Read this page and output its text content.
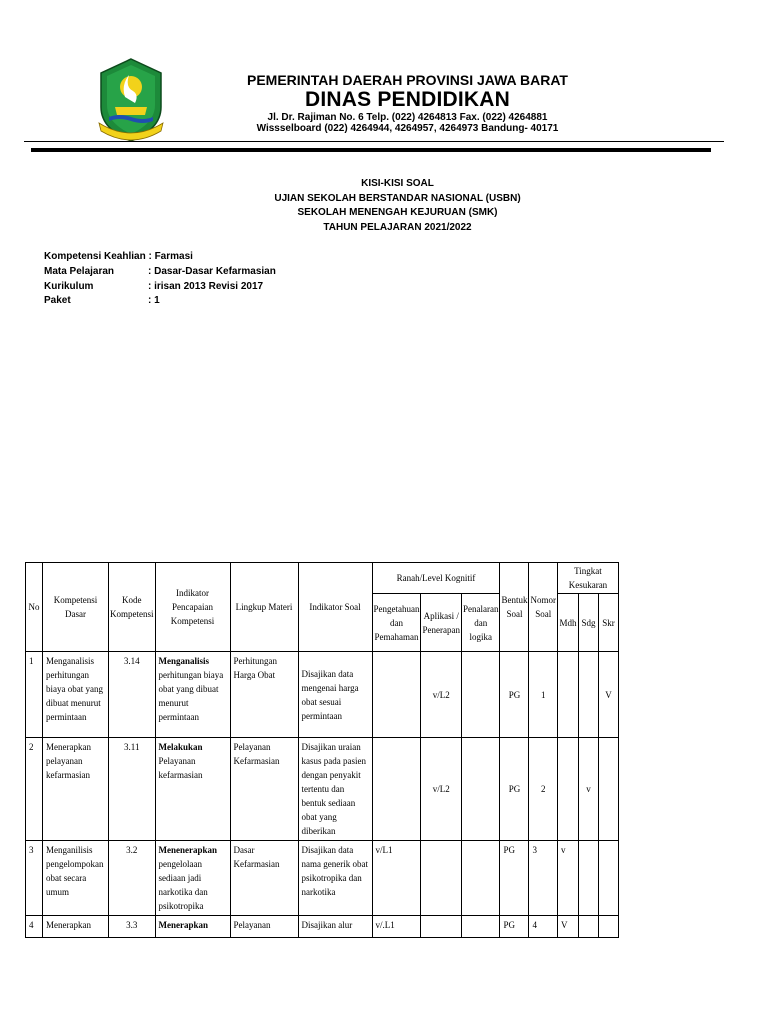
PEMERINTAH DAERAH PROVINSI JAWA BARAT
DINAS PENDIDIKAN
Jl. Dr. Rajiman No. 6 Telp. (022) 4264813 Fax. (022) 4264881
Wissselboard (022) 4264944, 4264957, 4264973 Bandung- 40171
KISI-KISI SOAL
UJIAN SEKOLAH BERSTANDAR NASIONAL (USBN)
SEKOLAH MENENGAH KEJURUAN (SMK)
TAHUN PELAJARAN 2021/2022
Kompetensi Keahlian : Farmasi
Mata Pelajaran	: Dasar-Dasar Kefarmasian
Kurikulum	: irisan 2013 Revisi 2017
Paket	: 1
No	Kompetensi Dasar	Kode Kompetensi	Indikator Pencapaian Kompetensi	Lingkup Materi	Indikator Soal	Ranah/Level Kognitif			Bentuk Soal	Nomor Soal	Tingkat Kesukaran		
						Pengetahuan dan Pemahaman	Aplikasi / Penerapan	Penalaran dan logika			Mdh	Sdg	Skr
1	Menganalisis perhitungan biaya obat yang dibuat menurut permintaan	3.14	Menganalisis perhitungan biaya obat yang dibuat menurut permintaan	Perhitungan Harga Obat	Disajikan data mengenai harga obat sesuai permintaan		v/L2		PG	1			V
2	Menerapkan pelayanan kefarmasian	3.11	Melakukan Pelayanan kefarmasian	Pelayanan Kefarmasian	Disajikan uraian kasus pada pasien dengan penyakit tertentu dan bentuk sediaan obat yang diberikan		v/L2		PG	2		v	
3	Menganilisis pengelompokan obat secara umum	3.2	Menenerapkan pengelolaan sediaan jadi narkotika dan psikotropika	Dasar Kefarmasian	Disajikan data nama generik obat psikotropika dan narkotika	v/L1			PG	3	v		
4	Menerapkan	3.3	Menerapkan	Pelayanan	Disajikan alur	v/.L1			PG	4	V		
